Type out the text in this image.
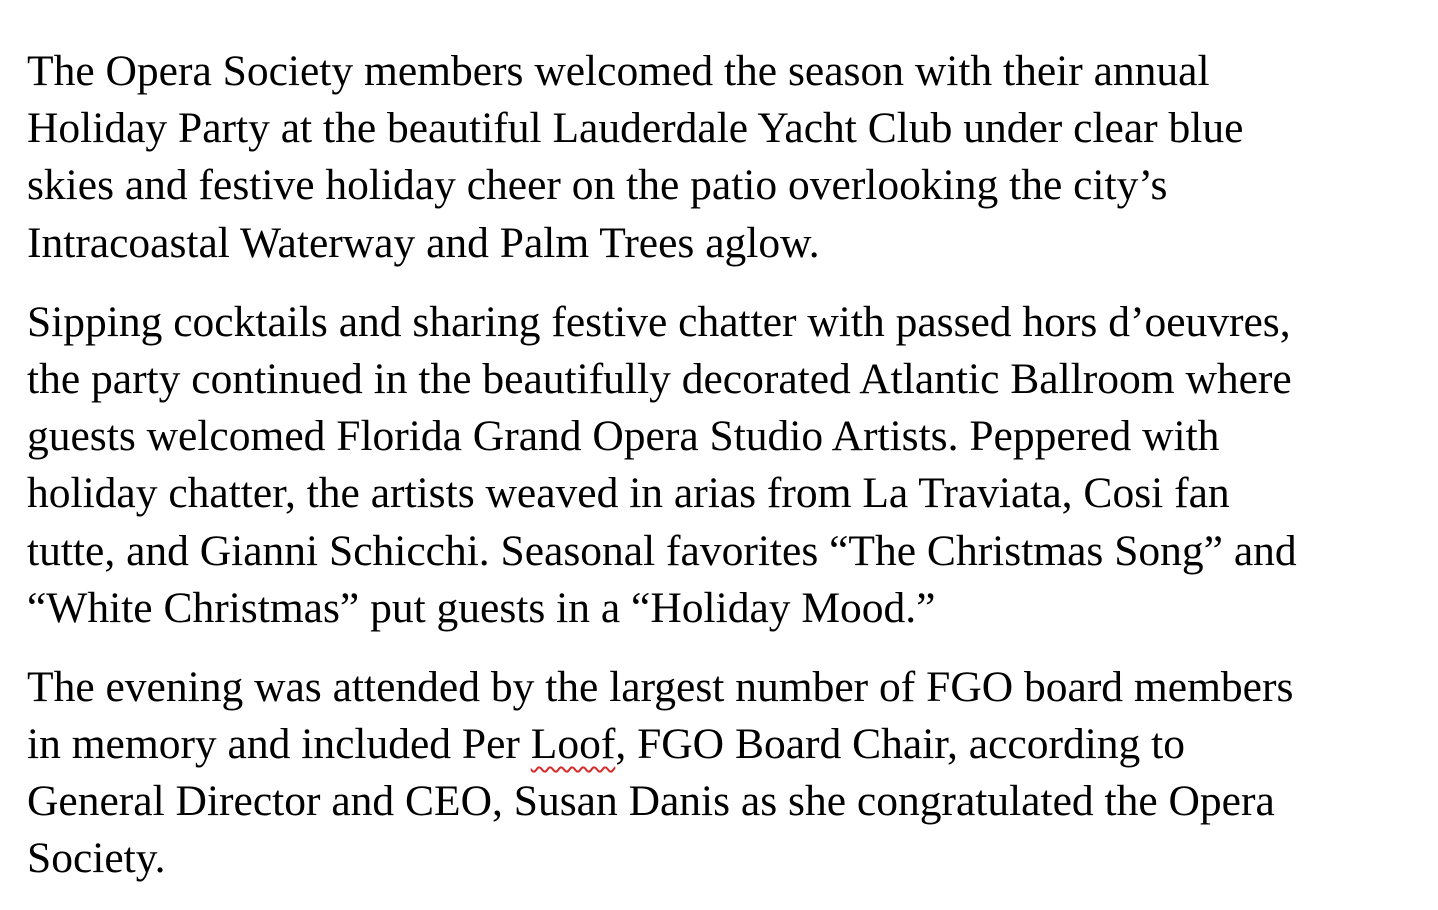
The Opera Society members welcomed the season with their annual
Holiday Party at the beautiful Lauderdale Yacht Club under clear blue
skies and festive holiday cheer on the patio overlooking the city’s
Intracoastal Waterway and Palm Trees aglow.

Sipping cocktails and sharing festive chatter with passed hors d’oeuvres,
the party continued in the beautifully decorated Atlantic Ballroom where
guests welcomed Florida Grand Opera Studio Artists. Peppered with
holiday chatter, the artists weaved in arias from La Traviata, Cosi fan
tutte, and Gianni Schicchi. Seasonal favorites “The Christmas Song” and
“White Christmas” put guests in a “Holiday Mood.”

The evening was attended by the largest number of FGO board members
in memory and included Per Loof, FGO Board Chair, according to
General Director and CEO, Susan Danis as she congratulated the Opera
Society.
